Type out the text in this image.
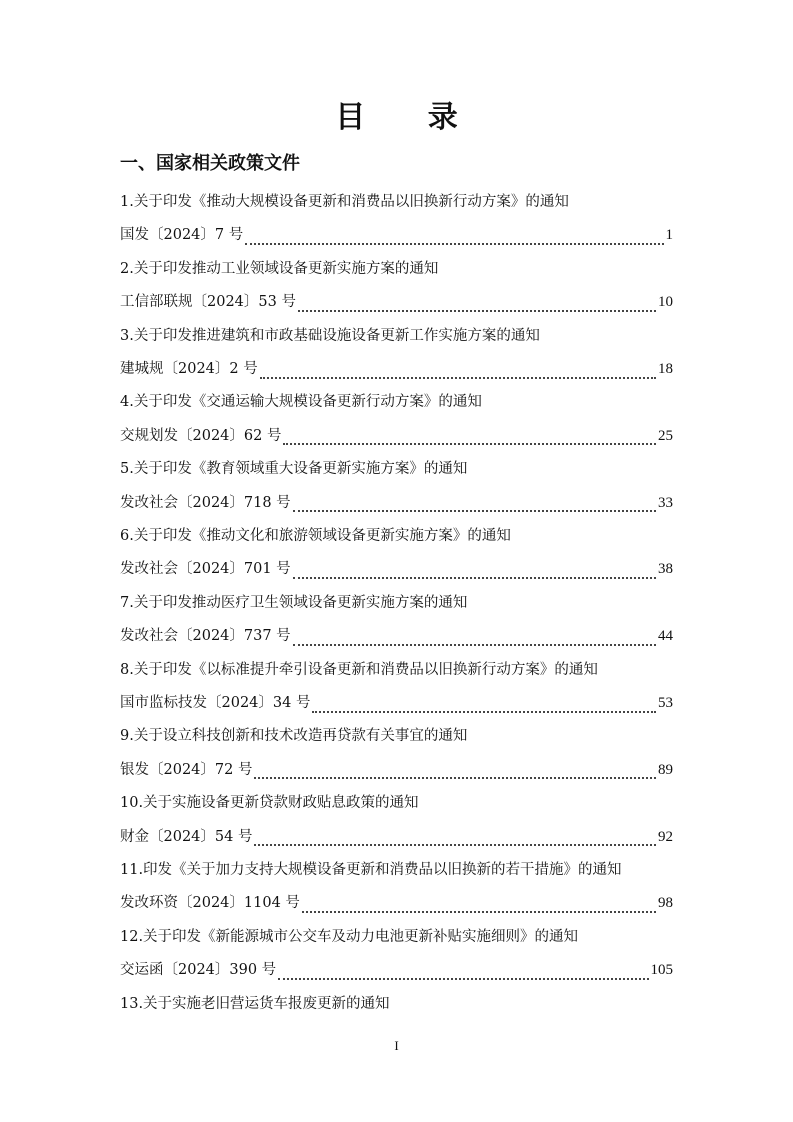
目 录
一、国家相关政策文件
1.关于印发《推动大规模设备更新和消费品以旧换新行动方案》的通知
国发〔2024〕7 号	1
2.关于印发推动工业领域设备更新实施方案的通知
工信部联规〔2024〕53 号	10
3.关于印发推进建筑和市政基础设施设备更新工作实施方案的通知
建城规〔2024〕2 号	18
4.关于印发《交通运输大规模设备更新行动方案》的通知
交规划发〔2024〕62 号	25
5.关于印发《教育领域重大设备更新实施方案》的通知
发改社会〔2024〕718 号	33
6.关于印发《推动文化和旅游领域设备更新实施方案》的通知
发改社会〔2024〕701 号	38
7.关于印发推动医疗卫生领域设备更新实施方案的通知
发改社会〔2024〕737 号	44
8.关于印发《以标准提升牵引设备更新和消费品以旧换新行动方案》的通知
国市监标技发〔2024〕34 号	53
9.关于设立科技创新和技术改造再贷款有关事宜的通知
银发〔2024〕72 号	89
10.关于实施设备更新贷款财政贴息政策的通知
财金〔2024〕54 号	92
11.印发《关于加力支持大规模设备更新和消费品以旧换新的若干措施》的通知
发改环资〔2024〕1104 号	98
12.关于印发《新能源城市公交车及动力电池更新补贴实施细则》的通知
交运函〔2024〕390 号	105
13.关于实施老旧营运货车报废更新的通知
I
